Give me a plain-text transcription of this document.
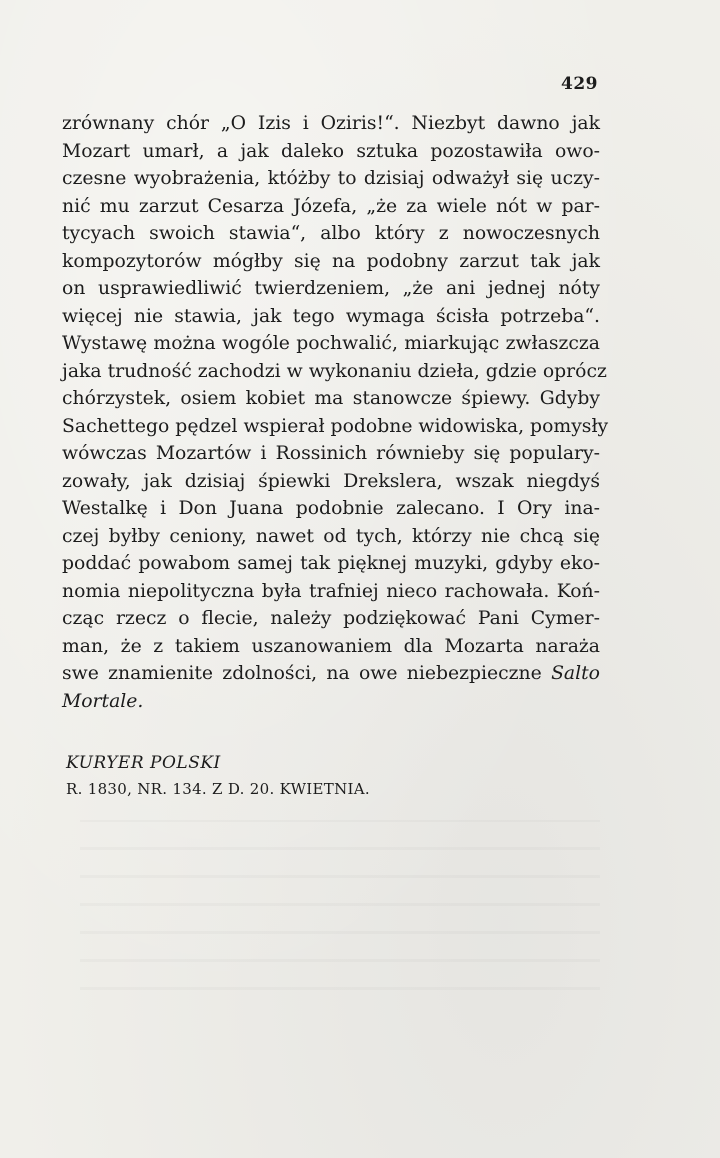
429
zrównany chór „O Izis i Oziris!“. Niezbyt dawno jak
Mozart umarł, a jak daleko sztuka pozostawiła owo-
czesne wyobrażenia, któżby to dzisiaj odważył się uczy-
nić mu zarzut Cesarza Józefa, „że za wiele nót w par-
tycyach swoich stawia“, albo który z nowoczesnych
kompozytorów mógłby się na podobny zarzut tak jak
on usprawiedliwić twierdzeniem, „że ani jednej nóty
więcej nie stawia, jak tego wymaga ścisła potrzeba“.
Wystawę można wogóle pochwalić, miarkując zwłaszcza
jaka trudność zachodzi w wykonaniu dzieła, gdzie oprócz
chórzystek, osiem kobiet ma stanowcze śpiewy. Gdyby
Sachettego pędzel wspierał podobne widowiska, pomysły
wówczas Mozartów i Rossinich równieby się populary-
zowały, jak dzisiaj śpiewki Drekslera, wszak niegdyś
Westalkę i Don Juana podobnie zalecano. I Ory ina-
czej byłby ceniony, nawet od tych, którzy nie chcą się
poddać powabom samej tak pięknej muzyki, gdyby eko-
nomia niepolityczna była trafniej nieco rachowała. Koń-
cząc rzecz o flecie, należy podziękować Pani Cymer-
man, że z takiem uszanowaniem dla Mozarta naraża
swe znamienite zdolności, na owe niebezpieczne Salto
Mortale.
KURYER POLSKI
R. 1830, NR. 134. Z D. 20. KWIETNIA.
